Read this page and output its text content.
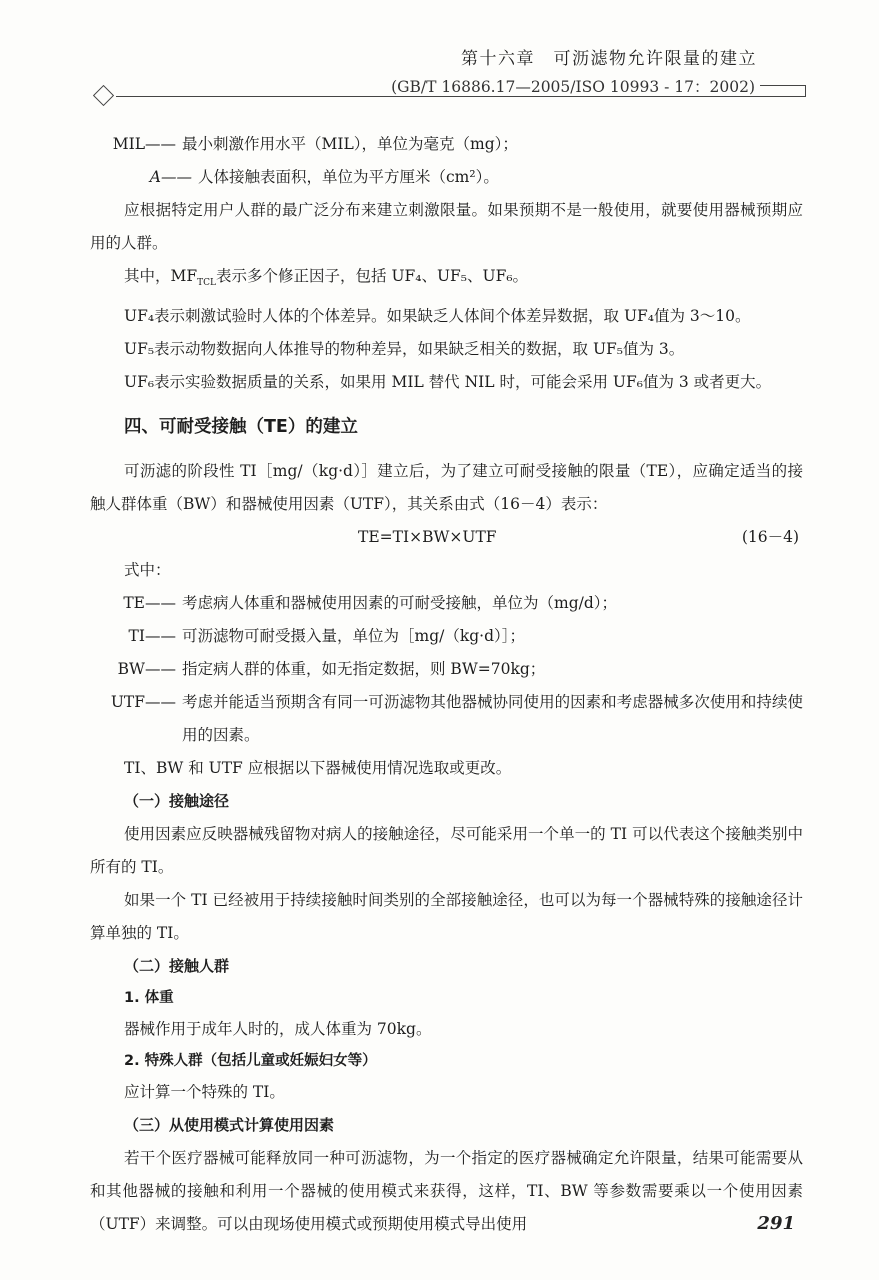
第十六章　可沥滤物允许限量的建立
(GB/T 16886.17—2005/ISO 10993 - 17：2002)

MIL—— 最小刺激作用水平（MIL），单位为毫克（mg）；

A—— 人体接触表面积，单位为平方厘米（cm²）。

应根据特定用户人群的最广泛分布来建立刺激限量。如果预期不是一般使用，就要使用器械预期应用的人群。

其中，$MF_{TCL}$表示多个修正因子，包括 UF₄、UF₅、UF₆。

UF₄表示刺激试验时人体的个体差异。如果缺乏人体间个体差异数据，取 UF₄值为 3～10。

UF₅表示动物数据向人体推导的物种差异，如果缺乏相关的数据，取 UF₅值为 3。

UF₆表示实验数据质量的关系，如果用 MIL 替代 NIL 时，可能会采用 UF₆值为 3 或者更大。

四、可耐受接触（TE）的建立

可沥滤的阶段性 TI［mg/（kg·d）］建立后，为了建立可耐受接触的限量（TE），应确定适当的接触人群体重（BW）和器械使用因素（UTF），其关系由式（16－4）表示：

TE=TI×BW×UTF	(16－4)

式中：

TE—— 考虑病人体重和器械使用因素的可耐受接触，单位为（mg/d）；

TI—— 可沥滤物可耐受摄入量，单位为［mg/（kg·d）］；

BW—— 指定病人群的体重，如无指定数据，则 BW=70kg；

UTF—— 考虑并能适当预期含有同一可沥滤物其他器械协同使用的因素和考虑器械多次使用和持续使用的因素。

TI、BW 和 UTF 应根据以下器械使用情况选取或更改。

（一）接触途径

使用因素应反映器械残留物对病人的接触途径，尽可能采用一个单一的 TI 可以代表这个接触类别中所有的 TI。

如果一个 TI 已经被用于持续接触时间类别的全部接触途径，也可以为每一个器械特殊的接触途径计算单独的 TI。

（二）接触人群
1. 体重

器械作用于成年人时的，成人体重为 70kg。

2. 特殊人群（包括儿童或妊娠妇女等）

应计算一个特殊的 TI。

（三）从使用模式计算使用因素

若干个医疗器械可能释放同一种可沥滤物，为一个指定的医疗器械确定允许限量，结果可能需要从和其他器械的接触和利用一个器械的使用模式来获得，这样，TI、BW 等参数需要乘以一个使用因素（UTF）来调整。可以由现场使用模式或预期使用模式导出使用	291
